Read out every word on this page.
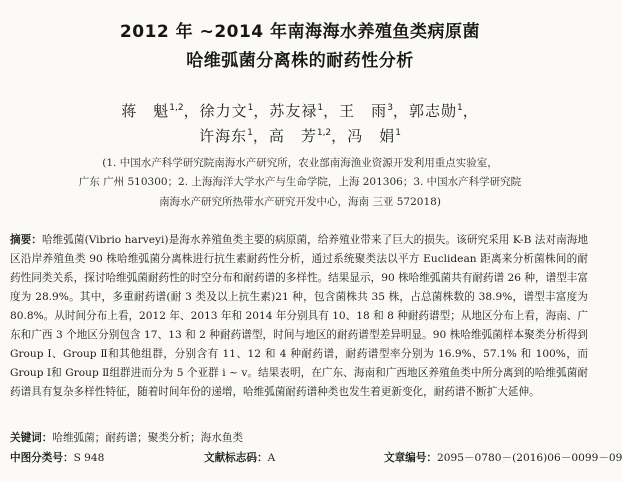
2012 年 ~2014 年南海海水养殖鱼类病原菌
哈维弧菌分离株的耐药性分析
蒋　魁$^{1,2}$，徐力文$^1$，苏友禄$^1$，王　雨$^3$，郭志勋$^1$，
许海东$^1$，高　芳$^{1,2}$，冯　娟$^1$
(1. 中国水产科学研究院南海水产研究所，农业部南海渔业资源开发利用重点实验室，
广东 广州 510300；2. 上海海洋大学水产与生命学院，上海 201306；3. 中国水产科学研究院
南海水产研究所热带水产研究开发中心，海南 三亚 572018)
摘要：哈维弧菌(Vibrio harveyi)是海水养殖鱼类主要的病原菌，给养殖业带来了巨大的损失。该研究采用 K-B 法对南海地区沿岸养殖鱼类 90 株哈维弧菌分离株进行抗生素耐药性分析，通过系统聚类法以平方 Euclidean 距离来分析菌株间的耐药性同类关系，探讨哈维弧菌耐药性的时空分布和耐药谱的多样性。结果显示，90 株哈维弧菌共有耐药谱 26 种，谱型丰富度为 28.9%。其中，多重耐药谱(耐 3 类及以上抗生素)21 种，包含菌株共 35 株，占总菌株数的 38.9%，谱型丰富度为 80.8%。从时间分布上看，2012 年、2013 年和 2014 年分别具有 10、18 和 8 种耐药谱型；从地区分布上看，海南、广东和广西 3 个地区分别包含 17、13 和 2 种耐药谱型，时间与地区的耐药谱型差异明显。90 株哈维弧菌样本聚类分析得到 Group Ⅰ、Group Ⅱ和其他组群，分别含有 11、12 和 4 种耐药谱，耐药谱型率分别为 16.9%、57.1% 和 100%，而 Group Ⅰ和 Group Ⅱ组群进而分为 5 个亚群 i ~ v。结果表明，在广东、海南和广西地区养殖鱼类中所分离到的哈维弧菌耐药谱具有复杂多样性特征，随着时间年份的递增，哈维弧菌耐药谱种类也发生着更新变化，耐药谱不断扩大延伸。
关键词：哈维弧菌；耐药谱；聚类分析；海水鱼类
中图分类号：S 948	文献标志码：A	文章编号：2095－0780－(2016)06－0099－09
